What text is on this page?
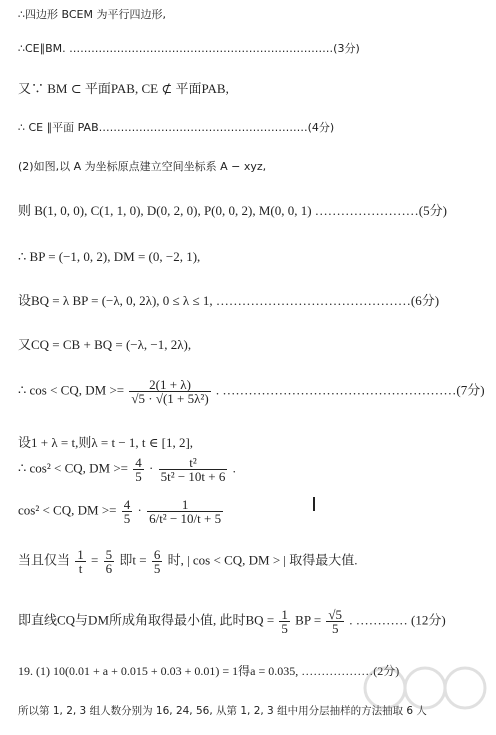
∴四边形 BCEM 为平行四边形,
∴CE∥BM. ………………………………………………………………(3分)
又∵ BM ⊂ 平面PAB, CE ⊄ 平面PAB,
∴ CE ∥平面 PAB…………………………………………………(4分)
(2)如图,以 A 为坐标原点建立空间坐标系 A − xyz,
则 B(1, 0, 0), C(1, 1, 0), D(0, 2, 0), P(0, 0, 2), M(0, 0, 1) ……………………(5分)
∴ BP = (−1, 0, 2), DM = (0, −2, 1),
设BQ = λ BP = (−λ, 0, 2λ), 0 ≤ λ ≤ 1, ………………………………………(6分)
又CQ = CB + BQ = (−λ, −1, 2λ),
∴ cos < CQ, DM >= $\frac{2(1 + \lambda)}{\text{√5 · √(1 + 5λ²)}}$ . ………………………………………………(7分)
设1 + λ = t,则λ = t − 1, t ∈ [1, 2],
∴ cos² < CQ, DM >= $\frac{4}{5} \cdot \frac{\text{t²}}{\text{5t² − 10t + 6}}$ .
cos² < CQ, DM >= $\frac{4}{5} \cdot \frac{1}{\text{6/t² − 10/t + 5}}$
当且仅当 $\frac{1}{t} = \frac{5}{6}$ 即$t = \frac{6}{5}$ 时, | cos < CQ, DM > | 取得最大值.
即直线CQ与DM所成角取得最小值, 此时BQ = $\frac{1}{5}$ BP = $\frac{√5}{5}$ . ………… (12分)
19. (1) 10(0.01 + a + 0.015 + 0.03 + 0.01) = 1得a = 0.035, ………………(2分)
所以第 1, 2, 3 组人数分别为 16, 24, 56, 从第 1, 2, 3 组中用分层抽样的方法抽取 6 人
